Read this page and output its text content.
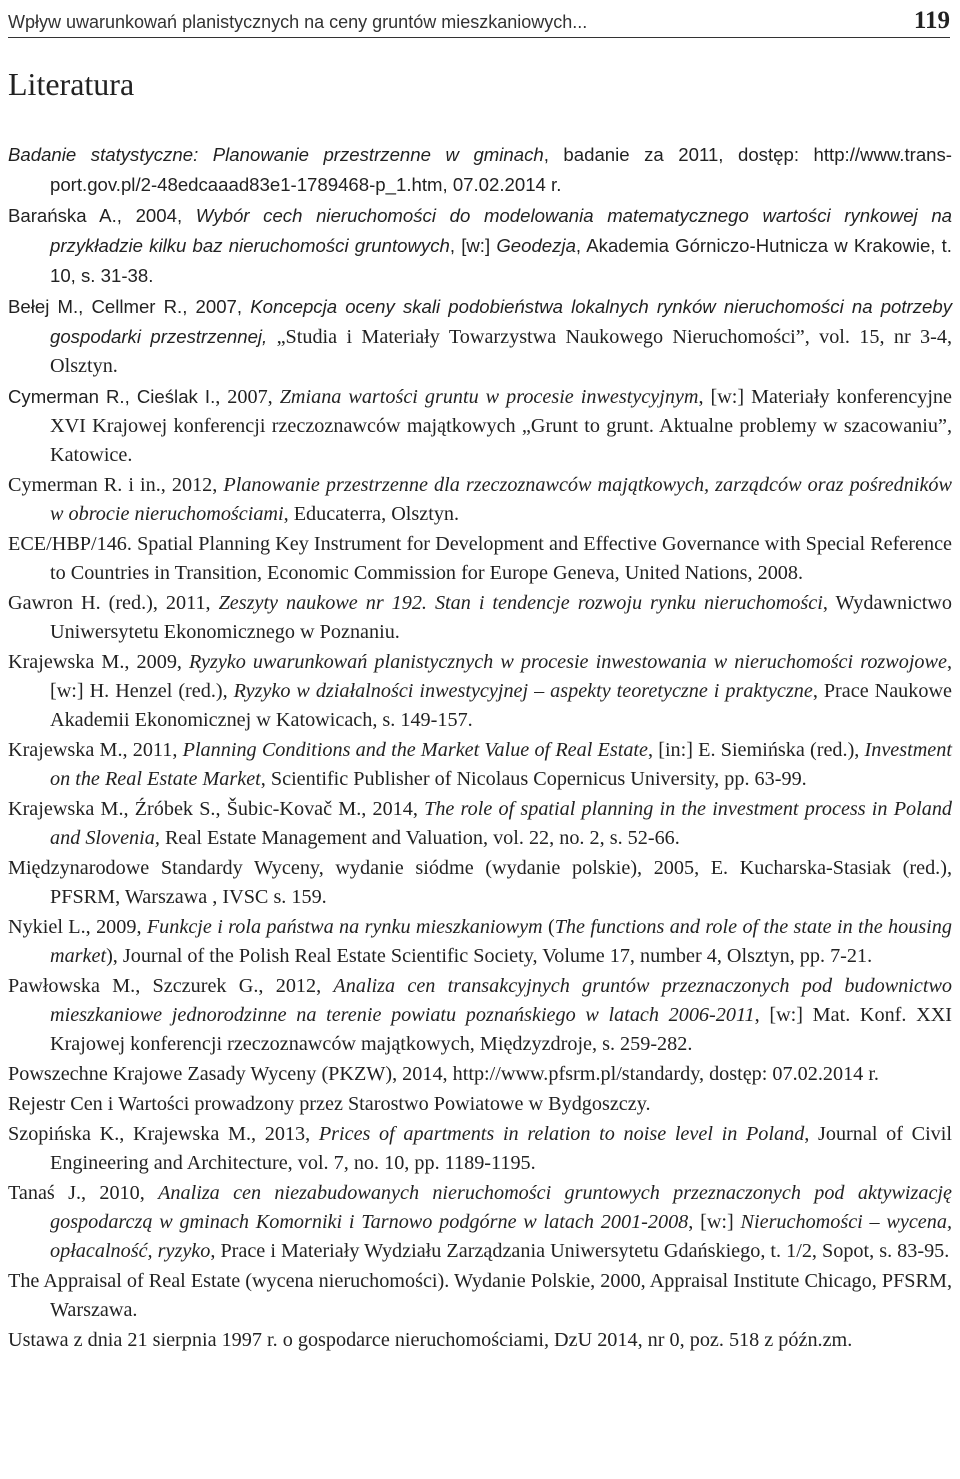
Wpływ uwarunkowań planistycznych na ceny gruntów mieszkaniowych...	119
Literatura
Badanie statystyczne: Planowanie przestrzenne w gminach, badanie za 2011, dostęp: http://www.trans-port.gov.pl/2-48edcaaad83e1-1789468-p_1.htm, 07.02.2014 r.
Barańska A., 2004, Wybór cech nieruchomości do modelowania matematycznego wartości rynkowej na przykładzie kilku baz nieruchomości gruntowych, [w:] Geodezja, Akademia Górniczo-Hutnicza w Krakowie, t. 10, s. 31-38.
Bełej M., Cellmer R., 2007, Koncepcja oceny skali podobieństwa lokalnych rynków nieruchomości na potrzeby gospodarki przestrzennej, „Studia i Materiały Towarzystwa Naukowego Nieruchomości”, vol. 15, nr 3-4, Olsztyn.
Cymerman R., Cieślak I., 2007, Zmiana wartości gruntu w procesie inwestycyjnym, [w:] Materiały konferencyjne XVI Krajowej konferencji rzeczoznawców majątkowych „Grunt to grunt. Aktualne problemy w szacowaniu”, Katowice.
Cymerman R. i in., 2012, Planowanie przestrzenne dla rzeczoznawców majątkowych, zarządców oraz pośredników w obrocie nieruchomościami, Educaterra, Olsztyn.
ECE/HBP/146. Spatial Planning Key Instrument for Development and Effective Governance with Special Reference to Countries in Transition, Economic Commission for Europe Geneva, United Nations, 2008.
Gawron H. (red.), 2011, Zeszyty naukowe nr 192. Stan i tendencje rozwoju rynku nieruchomości, Wydawnictwo Uniwersytetu Ekonomicznego w Poznaniu.
Krajewska M., 2009, Ryzyko uwarunkowań planistycznych w procesie inwestowania w nieruchomości rozwojowe, [w:] H. Henzel (red.), Ryzyko w działalności inwestycyjnej – aspekty teoretyczne i praktyczne, Prace Naukowe Akademii Ekonomicznej w Katowicach, s. 149-157.
Krajewska M., 2011, Planning Conditions and the Market Value of Real Estate, [in:] E. Siemińska (red.), Investment on the Real Estate Market, Scientific Publisher of Nicolaus Copernicus University, pp. 63-99.
Krajewska M., Źróbek S., Šubic-Kovač M., 2014, The role of spatial planning in the investment process in Poland and Slovenia, Real Estate Management and Valuation, vol. 22, no. 2, s. 52-66.
Międzynarodowe Standardy Wyceny, wydanie siódme (wydanie polskie), 2005, E. Kucharska-Stasiak (red.), PFSRM, Warszawa , IVSC s. 159.
Nykiel L., 2009, Funkcje i rola państwa na rynku mieszkaniowym (The functions and role of the state in the housing market), Journal of the Polish Real Estate Scientific Society, Volume 17, number 4, Olsztyn, pp. 7-21.
Pawłowska M., Szczurek G., 2012, Analiza cen transakcyjnych gruntów przeznaczonych pod budownictwo mieszkaniowe jednorodzinne na terenie powiatu poznańskiego w latach 2006-2011, [w:] Mat. Konf. XXI Krajowej konferencji rzeczoznawców majątkowych, Międzyzdroje, s. 259-282.
Powszechne Krajowe Zasady Wyceny (PKZW), 2014, http://www.pfsrm.pl/standardy, dostęp: 07.02.2014 r.
Rejestr Cen i Wartości prowadzony przez Starostwo Powiatowe w Bydgoszczy.
Szopińska K., Krajewska M., 2013, Prices of apartments in relation to noise level in Poland, Journal of Civil Engineering and Architecture, vol. 7, no. 10, pp. 1189-1195.
Tanaś J., 2010, Analiza cen niezabudowanych nieruchomości gruntowych przeznaczonych pod aktywizację gospodarczą w gminach Komorniki i Tarnowo podgórne w latach 2001-2008, [w:] Nieruchomości – wycena, opłacalność, ryzyko, Prace i Materiały Wydziału Zarządzania Uniwersytetu Gdańskiego, t. 1/2, Sopot, s. 83-95.
The Appraisal of Real Estate (wycena nieruchomości). Wydanie Polskie, 2000, Appraisal Institute Chicago, PFSRM, Warszawa.
Ustawa z dnia 21 sierpnia 1997 r. o gospodarce nieruchomościami, DzU 2014, nr 0, poz. 518 z późn.zm.
